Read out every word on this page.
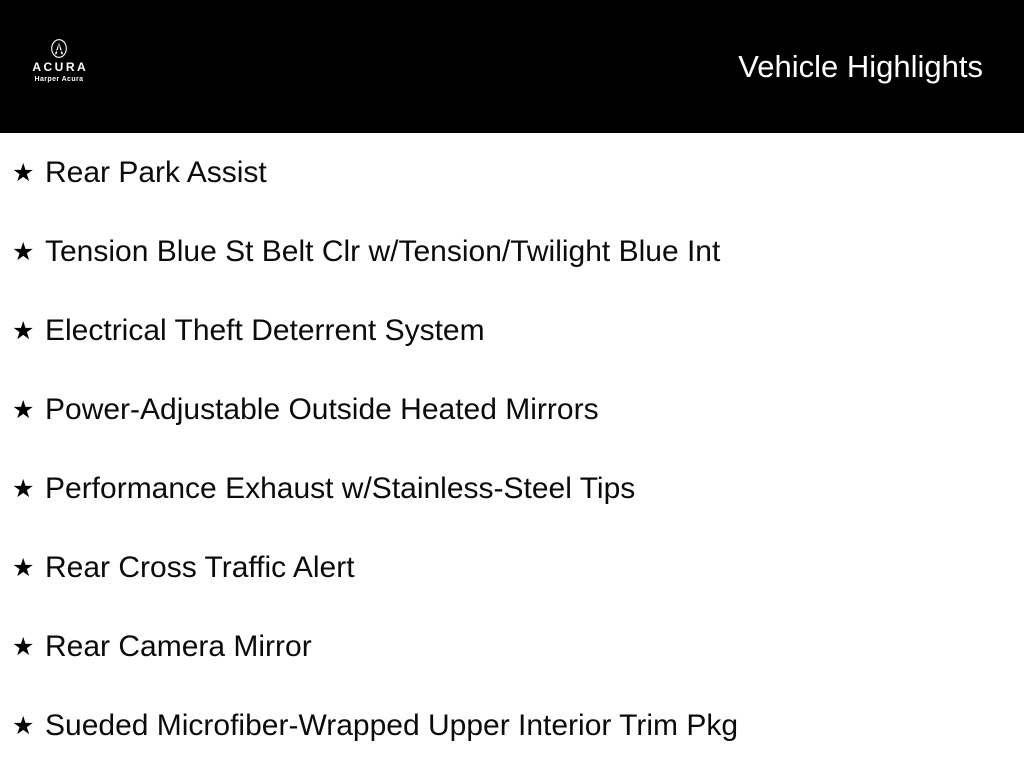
ACURA
Harper Acura	Vehicle Highlights
★ Rear Park Assist
★ Tension Blue St Belt Clr w/Tension/Twilight Blue Int
★ Electrical Theft Deterrent System
★ Power-Adjustable Outside Heated Mirrors
★ Performance Exhaust w/Stainless-Steel Tips
★ Rear Cross Traffic Alert
★ Rear Camera Mirror
★ Sueded Microfiber-Wrapped Upper Interior Trim Pkg
